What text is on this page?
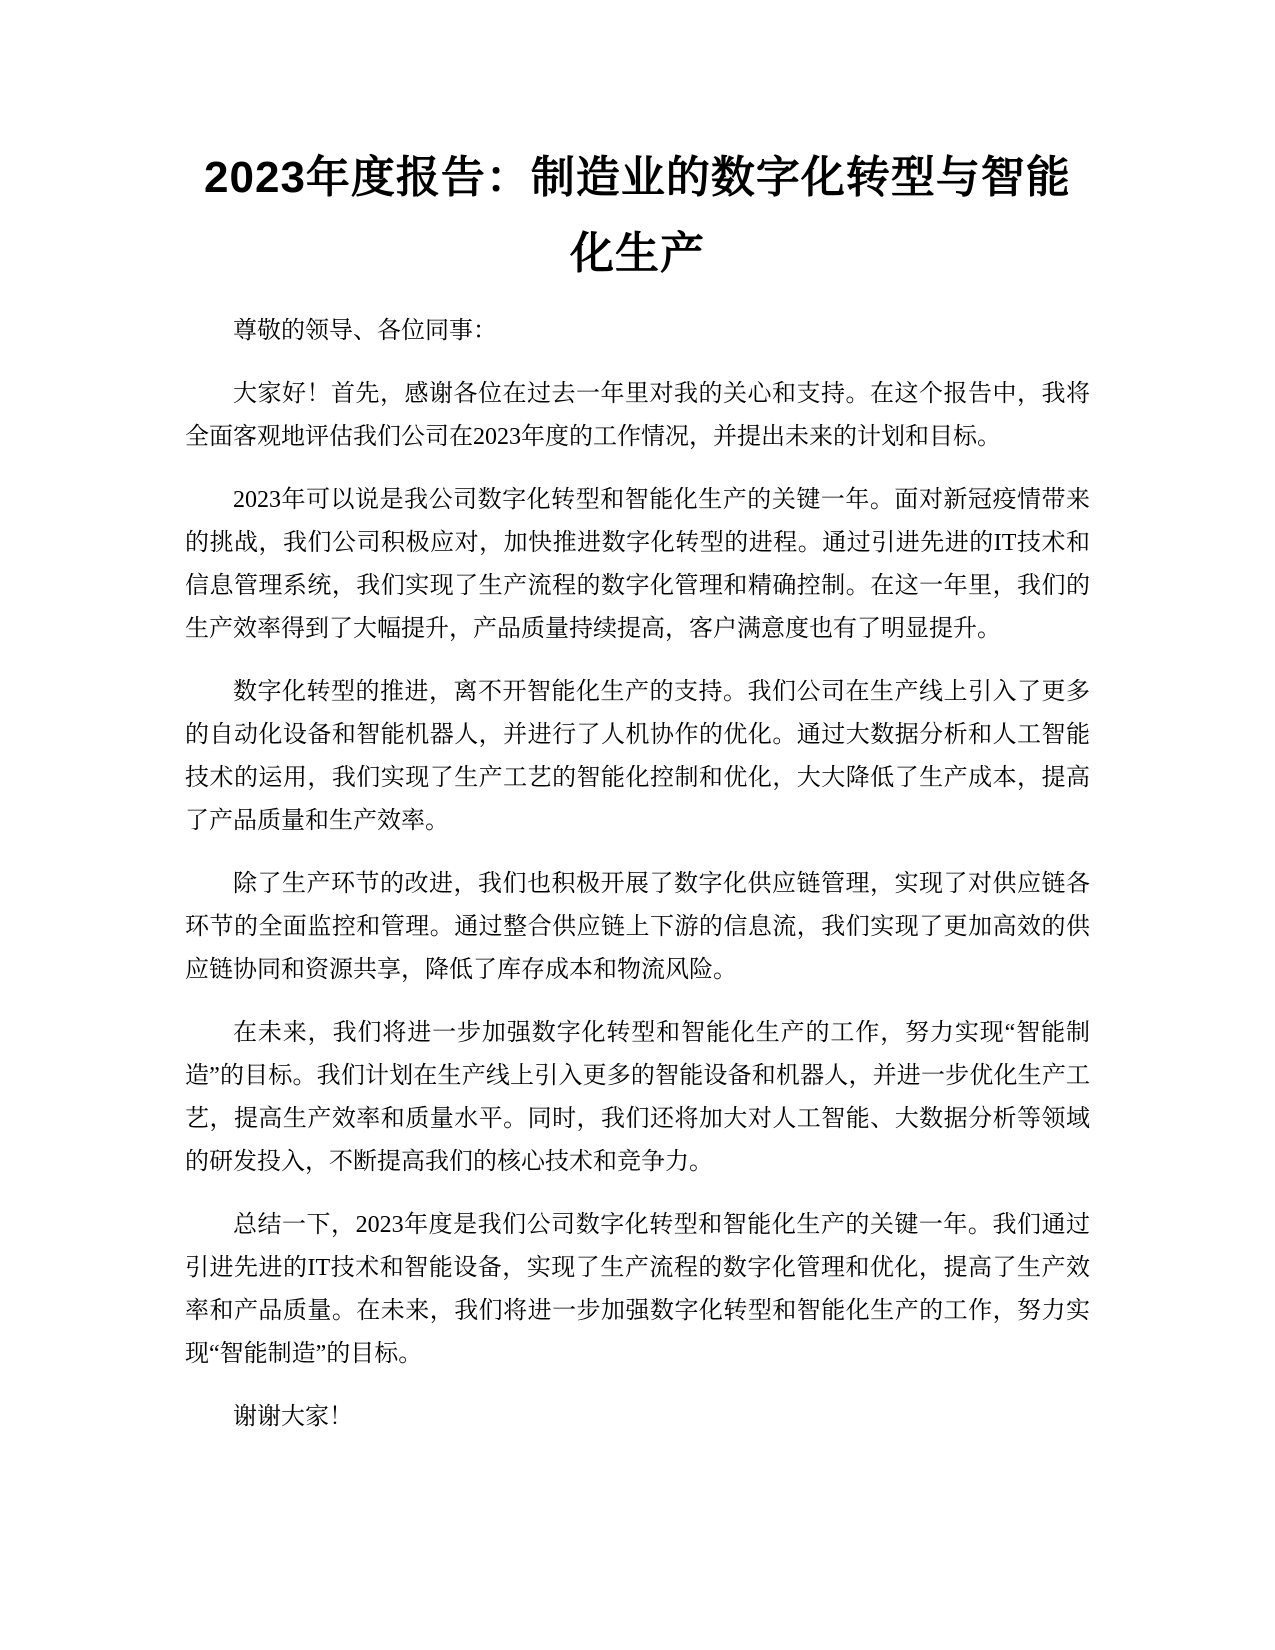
2023年度报告：制造业的数字化转型与智能化生产

尊敬的领导、各位同事：

大家好！首先，感谢各位在过去一年里对我的关心和支持。在这个报告中，我将全面客观地评估我们公司在2023年度的工作情况，并提出未来的计划和目标。

2023年可以说是我公司数字化转型和智能化生产的关键一年。面对新冠疫情带来的挑战，我们公司积极应对，加快推进数字化转型的进程。通过引进先进的IT技术和信息管理系统，我们实现了生产流程的数字化管理和精确控制。在这一年里，我们的生产效率得到了大幅提升，产品质量持续提高，客户满意度也有了明显提升。

数字化转型的推进，离不开智能化生产的支持。我们公司在生产线上引入了更多的自动化设备和智能机器人，并进行了人机协作的优化。通过大数据分析和人工智能技术的运用，我们实现了生产工艺的智能化控制和优化，大大降低了生产成本，提高了产品质量和生产效率。

除了生产环节的改进，我们也积极开展了数字化供应链管理，实现了对供应链各环节的全面监控和管理。通过整合供应链上下游的信息流，我们实现了更加高效的供应链协同和资源共享，降低了库存成本和物流风险。

在未来，我们将进一步加强数字化转型和智能化生产的工作，努力实现“智能制造”的目标。我们计划在生产线上引入更多的智能设备和机器人，并进一步优化生产工艺，提高生产效率和质量水平。同时，我们还将加大对人工智能、大数据分析等领域的研发投入，不断提高我们的核心技术和竞争力。

总结一下，2023年度是我们公司数字化转型和智能化生产的关键一年。我们通过引进先进的IT技术和智能设备，实现了生产流程的数字化管理和优化，提高了生产效率和产品质量。在未来，我们将进一步加强数字化转型和智能化生产的工作，努力实现“智能制造”的目标。

谢谢大家！
